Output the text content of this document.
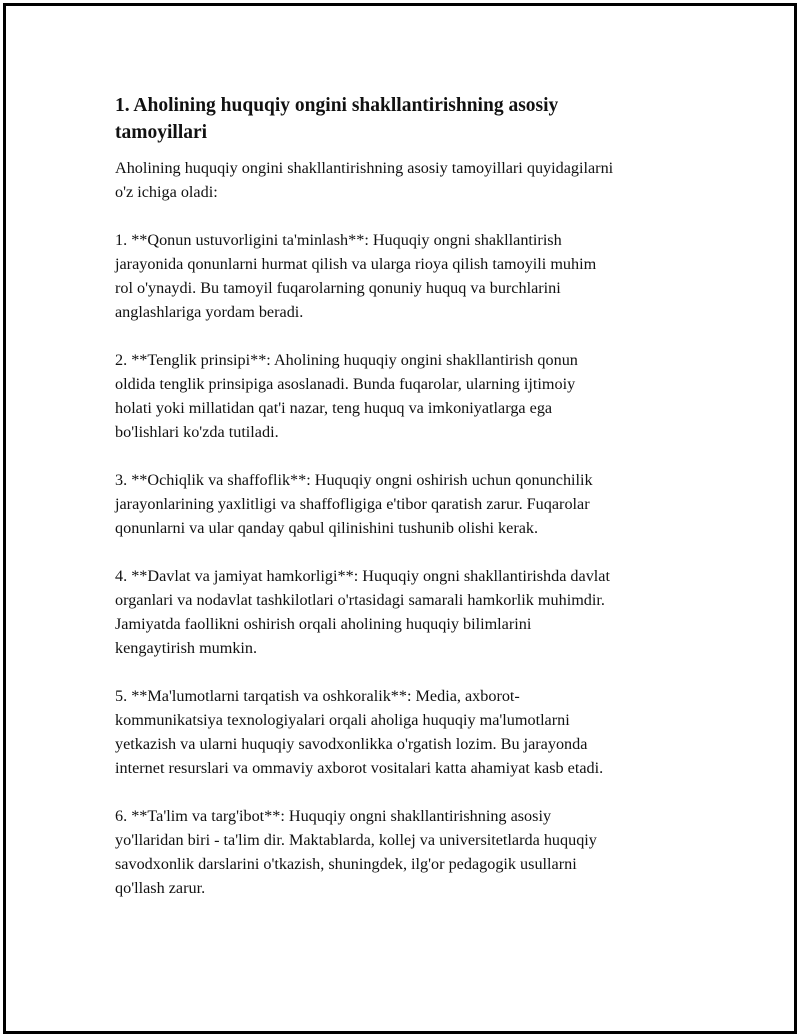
1. Aholining huquqiy ongini shakllantirishning asosiy
tamoyillari

Aholining huquqiy ongini shakllantirishning asosiy tamoyillari quyidagilarni
o'z ichiga oladi:

1. **Qonun ustuvorligini ta'minlash**: Huquqiy ongni shakllantirish
jarayonida qonunlarni hurmat qilish va ularga rioya qilish tamoyili muhim
rol o'ynaydi. Bu tamoyil fuqarolarning qonuniy huquq va burchlarini
anglashlariga yordam beradi.

2. **Tenglik prinsipi**: Aholining huquqiy ongini shakllantirish qonun
oldida tenglik prinsipiga asoslanadi. Bunda fuqarolar, ularning ijtimoiy
holati yoki millatidan qat'i nazar, teng huquq va imkoniyatlarga ega
bo'lishlari ko'zda tutiladi.

3. **Ochiqlik va shaffoflik**: Huquqiy ongni oshirish uchun qonunchilik
jarayonlarining yaxlitligi va shaffofligiga e'tibor qaratish zarur. Fuqarolar
qonunlarni va ular qanday qabul qilinishini tushunib olishi kerak.

4. **Davlat va jamiyat hamkorligi**: Huquqiy ongni shakllantirishda davlat
organlari va nodavlat tashkilotlari o'rtasidagi samarali hamkorlik muhimdir.
Jamiyatda faollikni oshirish orqali aholining huquqiy bilimlarini
kengaytirish mumkin.

5. **Ma'lumotlarni tarqatish va oshkoralik**: Media, axborot-
kommunikatsiya texnologiyalari orqali aholiga huquqiy ma'lumotlarni
yetkazish va ularni huquqiy savodxonlikka o'rgatish lozim. Bu jarayonda
internet resurslari va ommaviy axborot vositalari katta ahamiyat kasb etadi.

6. **Ta'lim va targ'ibot**: Huquqiy ongni shakllantirishning asosiy
yo'llaridan biri - ta'lim dir. Maktablarda, kollej va universitetlarda huquqiy
savodxonlik darslarini o'tkazish, shuningdek, ilg'or pedagogik usullarni
qo'llash zarur.
